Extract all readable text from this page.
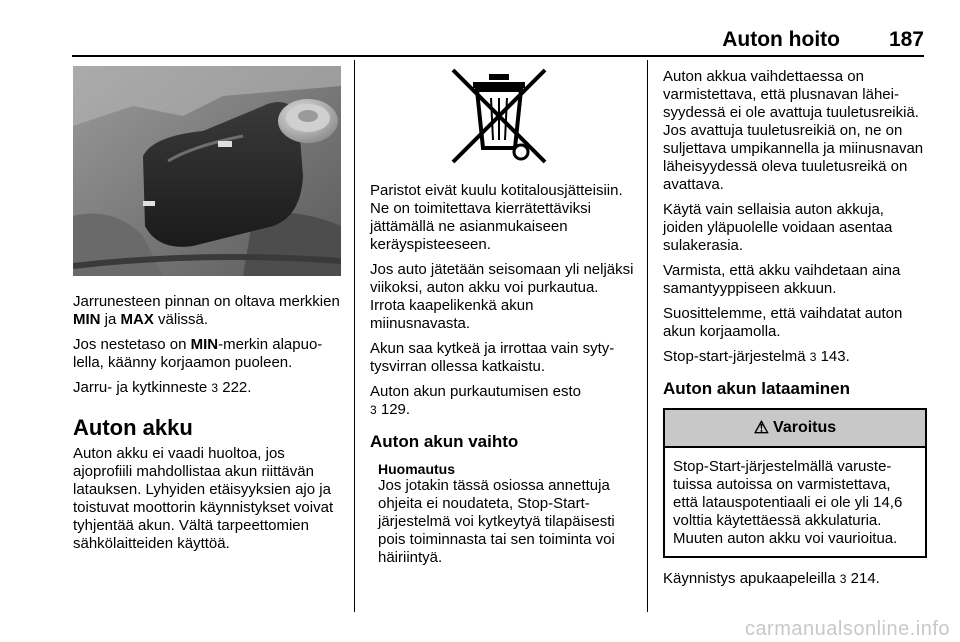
Auton hoito 187

Jarrunesteen pinnan on oltava merkkien MIN ja MAX välissä.

Jos nestetaso on MIN-merkin alapuolella, käänny korjaamon puoleen.

Jarru- ja kytkinneste 3 222.

Auton akku

Auton akku ei vaadi huoltoa, jos ajoprofiili mahdollistaa akun riittävän latauksen. Lyhyiden etäisyyksien ajo ja toistuvat moottorin käynnistykset voivat tyhjentää akun. Vältä tarpeettomien sähkölaitteiden käyttöä.

Paristot eivät kuulu kotitalousjätteisiin. Ne on toimitettava kierrätettäviksi jättämällä ne asianmukaiseen keräyspisteeseen.

Jos auto jätetään seisomaan yli neljäksi viikoksi, auton akku voi purkautua. Irrota kaapelikenkä akun miinusnavasta.

Akun saa kytkeä ja irrottaa vain sytytysvirran ollessa katkaistu.

Auton akun purkautumisen esto
3 129.

Auton akun vaihto
Huomautus

Jos jotakin tässä osiossa annettuja ohjeita ei noudateta, Stop-Start-järjestelmä voi kytkeytyä tilapäisesti pois toiminnasta tai sen toiminta voi häiriintyä.

Auton akkua vaihdettaessa on varmistettava, että plusnavan läheisyydessä ei ole avattuja tuuletusreikiä. Jos avattuja tuuletusreikiä on, ne on suljettava umpikannella ja miinusnavan läheisyydessä oleva tuuletusreikä on avattava.

Käytä vain sellaisia auton akkuja, joiden yläpuolelle voidaan asentaa sulakerasia.

Varmista, että akku vaihdetaan aina samantyyppiseen akkuun.

Suosittelemme, että vaihdatat auton akun korjaamolla.

Stop-start-järjestelmä 3 143.

Auton akun lataaminen
⚠ Varoitus

Stop-Start-järjestelmällä varustetuissa autoissa on varmistettava, että latauspotentiaali ei ole yli 14,6 volttia käytettäessä akkulaturia. Muuten auton akku voi vaurioitua.

Käynnistys apukaapeleilla 3 214.

carmanualsonline.info
